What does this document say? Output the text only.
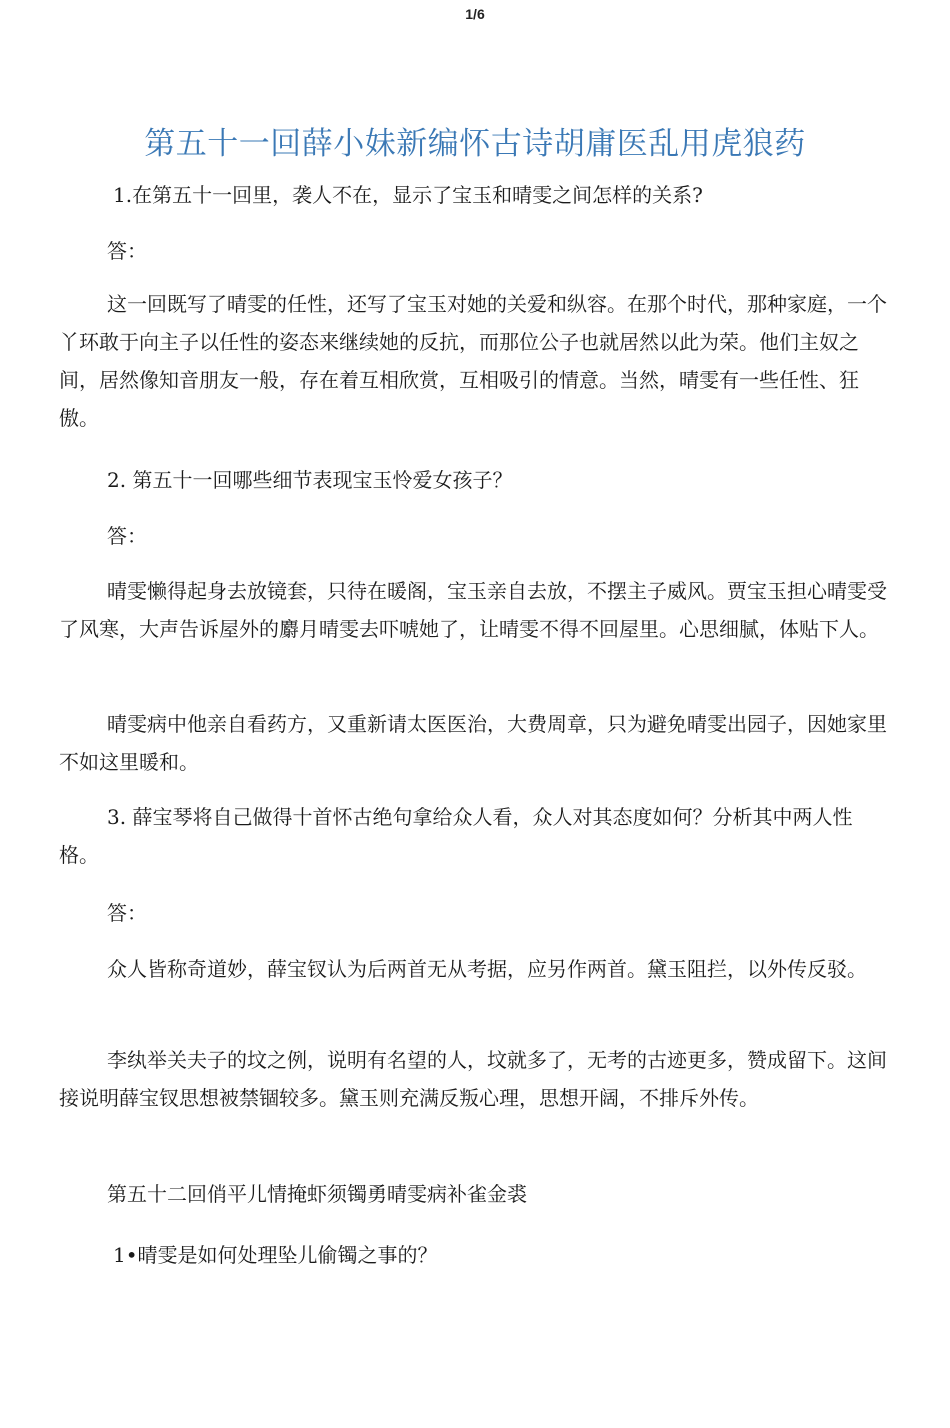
1/6
第五十一回薛小妹新编怀古诗胡庸医乱用虎狼药

1.在第五十一回里，袭人不在，显示了宝玉和晴雯之间怎样的关系?

答：

这一回既写了晴雯的任性，还写了宝玉对她的关爱和纵容。在那个时代，那种家庭，一个丫环敢于向主子以任性的姿态来继续她的反抗，而那位公子也就居然以此为荣。他们主奴之间，居然像知音朋友一般，存在着互相欣赏，互相吸引的情意。当然，晴雯有一些任性、狂傲。

2. 第五十一回哪些细节表现宝玉怜爱女孩子？

答：

晴雯懒得起身去放镜套，只待在暖阁，宝玉亲自去放，不摆主子威风。贾宝玉担心晴雯受了风寒，大声告诉屋外的麝月晴雯去吓唬她了，让晴雯不得不回屋里。心思细腻，体贴下人。

晴雯病中他亲自看药方，又重新请太医医治，大费周章，只为避免晴雯出园子，因她家里不如这里暖和。

3. 薛宝琴将自己做得十首怀古绝句拿给众人看，众人对其态度如何？分析其中两人性格。

答：

众人皆称奇道妙，薛宝钗认为后两首无从考据，应另作两首。黛玉阻拦，以外传反驳。

李纨举关夫子的坟之例，说明有名望的人，坟就多了，无考的古迹更多，赞成留下。这间接说明薛宝钗思想被禁锢较多。黛玉则充满反叛心理，思想开阔，不排斥外传。

第五十二回俏平儿情掩虾须镯勇晴雯病补雀金裘

1•晴雯是如何处理坠儿偷镯之事的？
